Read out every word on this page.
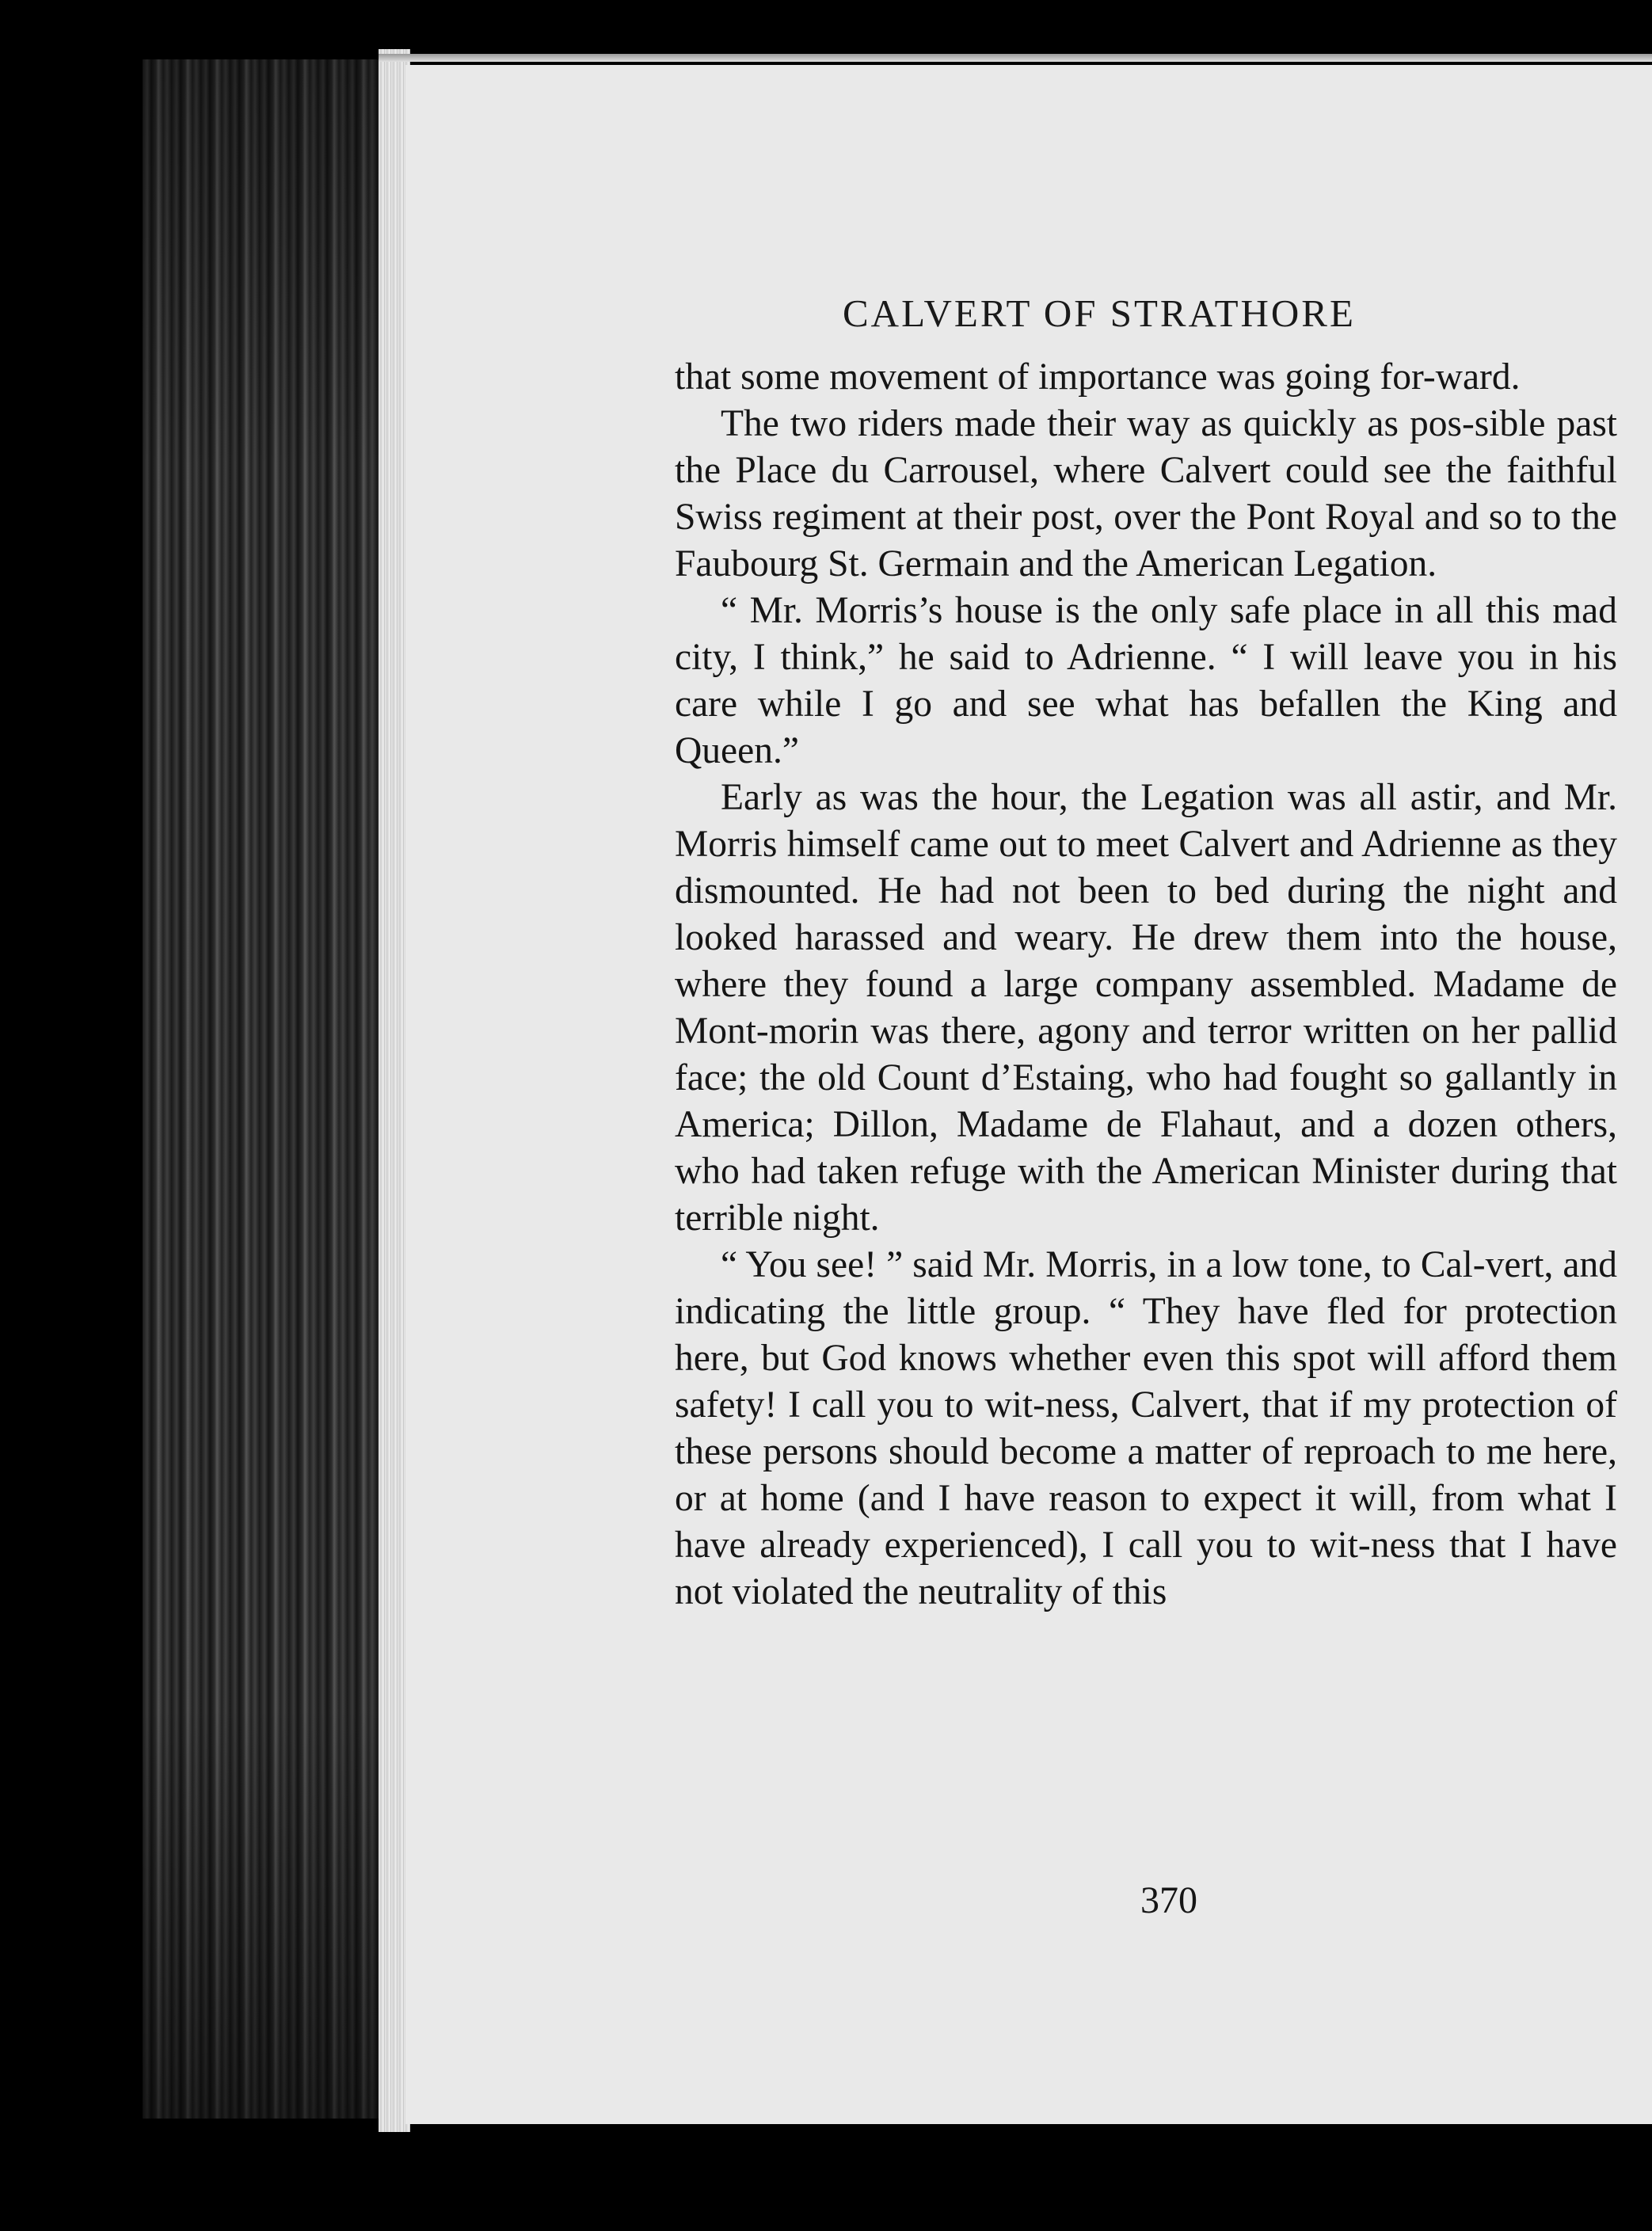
CALVERT OF STRATHORE

that some movement of importance was going for-ward.

The two riders made their way as quickly as pos-sible past the Place du Carrousel, where Calvert could see the faithful Swiss regiment at their post, over the Pont Royal and so to the Faubourg St. Germain and the American Legation.

“ Mr. Morris’s house is the only safe place in all this mad city, I think,” he said to Adrienne. “ I will leave you in his care while I go and see what has befallen the King and Queen.”

Early as was the hour, the Legation was all astir, and Mr. Morris himself came out to meet Calvert and Adrienne as they dismounted. He had not been to bed during the night and looked harassed and weary. He drew them into the house, where they found a large company assembled. Madame de Mont-morin was there, agony and terror written on her pallid face; the old Count d’Estaing, who had fought so gallantly in America; Dillon, Madame de Flahaut, and a dozen others, who had taken refuge with the American Minister during that terrible night.

“ You see! ” said Mr. Morris, in a low tone, to Cal-vert, and indicating the little group. “ They have fled for protection here, but God knows whether even this spot will afford them safety! I call you to wit-ness, Calvert, that if my protection of these persons should become a matter of reproach to me here, or at home (and I have reason to expect it will, from what I have already experienced), I call you to wit-ness that I have not violated the neutrality of this

370
